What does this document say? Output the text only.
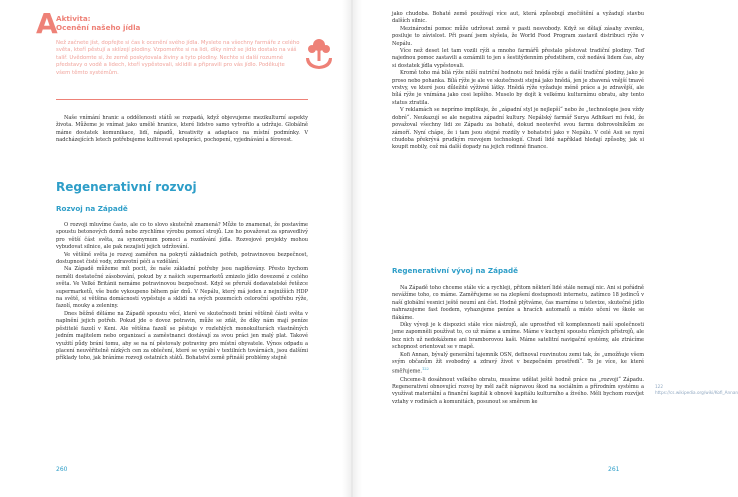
A
Aktivita:
Ocenění našeho jídla
Než začnete jíst, dopřejte si čas k ocenění svého jídla. Myslete na všechny farmáře z celého světa, kteří pěstují a sklízejí plodiny. Vzpomeňte si na lidi, díky nimž se jídlo dostalo na váš talíř. Uvědomte si, že země poskytovala živiny a tyto plodiny. Nechte si další rozumné představy o vodě a lidech, kteří vypěstovali, sklidili a připravili pro vás jídlo. Poděkujte všem těmto systémům.

Naše vnímání hranic a oddělenosti států se rozpadá, když objevujeme mezikulturní aspekty života. Můžeme je vnímat jako umělé hranice, které lidstvo samo vytvořilo a udržuje. Globálně máme dostatek komunikace, lidí, nápadů, kreativity a adaptace na místní podmínky. V nadcházejících letech potřebujeme kultivovat spolupráci, pochopení, vyjednávání a férovost.

Regenerativní rozvoj
Rozvoj na Západě

O rozvoji mluvíme často, ale co to slovo skutečně znamená? Může to znamenat, že postavíme spoustu betonových domů nebo zrychlíme výrobu pomocí strojů. Lze ho považovat za spravedlivý pro větší část světa, za synonymum pomoci a rozdávání jídla. Rozvojové projekty mohou vybudovat silnice, ale pak nezajistí jejich udržování.

Ve většině světa je rozvoj zaměřen na pokrytí základních potřeb, potravinovou bezpečnost, dostupnost čisté vody, zdravotní péči a vzdělání.

Na Západě můžeme mít pocit, že naše základní potřeby jsou naplňovány. Přesto bychom neměli dostatečné zásobování, pokud by z našich supermarketů zmizelo jídlo dovezené z celého světa. Ve Velké Británii nemáme potravinovou bezpečnost. Když se přeruší dodavatelské řetězce supermarketů, vše bude vykoupeno během pár dnů. V Nepálu, který má jeden z nejnižších HDP na světě, si většina domácností vypěstuje a sklidí na svých pozemcích celoroční spotřebu rýže, fazolí, mouky a zeleniny.

Dnes běžně děláme na Západě spoustu věcí, které ve skutečnosti brání většině části světa v naplnění jejich potřeb. Pokud jde o dovoz potravin, může se zdát, že díky nám mají peníze pěstitelé fazolí v Keni. Ale většina fazolí se pěstuje v rozlehlých monokulturách vlastněných jedním majitelem nebo organizací a zaměstnanci dostávají za svou práci jen malý plat. Takové využití půdy brání tomu, aby se na ní pěstovaly potraviny pro místní obyvatele. Výnos odpadu a placení neuvěřitelně nízkých cen za oblečení, které se vyrábí v textilních továrnách, jsou dalšími příklady toho, jak bráníme rozvoji ostatních států. Bohatství země přináší problémy stejně

260

jako chudoba. Bohaté země používají více aut, která způsobují znečištění a vyžadují stavbu dalších silnic.

Mezinárodní pomoc může udržovat země v pasti nesvobody. Když se dělají zásahy zvenku, posiluje to závislost. Při psaní jsem slyšela, že World Food Program zastavil distribuci rýže v Nepálu.

Více než deset let tam vozili rýži a mnoho farmářů přestalo pěstovat tradiční plodiny. Teď najednou pomoc zastavili a oznámili to jen s šestitýdenním předstihem, což nedává lidem čas, aby si dostatek jídla vypěstovali.

Kromě toho má bílá rýže nižší nutriční hodnotu než hnědá rýže a další tradiční plodiny, jako je proso nebo pohanka. Bílá rýže je ale ve skutečnosti stejná jako hnědá, jen je zbavená vnější tmavé vrstvy, ve které jsou důležité výživné látky. Hnědá rýže vyžaduje méně práce a je zdravější, ale bílá rýže je vnímána jako cosi lepšího. Muselo by dojít k velkému kulturnímu obratu, aby tento status ztratila.

V reklamách se neprímo implikuje, že „západní styl je nejlepší“ nebo že „technologie jsou vždy dobré“. Neukazují se ale negativa západní kultury. Nepálský farmář Surya Adhikari mi řekl, že považoval všechny lidi ze Západu za bohaté, dokud neotevřel svou farmu dobrovolníkům ze zámoří. Nyní chápe, že i tam jsou stejné rozdíly v bohatství jako v Nepálu. V celé Asii se nyní chudoba překrývá prudkým rozvojem technologií. Chudí lidé například hledají způsoby, jak si koupit mobily, což má další dopady na jejich rodinné finance.

Regenerativní vývoj na Západě

Na Západě toho chceme stále víc a rychleji, přitom některí lidé stále nemají nic. Ani si pořádně nevážíme toho, co máme. Zaměřujeme se na zlepšení dostupnosti internetu, zatímco 18 jedinců v naší globální vesnici ještě neumí ani číst. Hodně plýtváme, čas marníme u televize, skutečné jídlo nahrazujeme fast foodem, vyhazujeme peníze a hracích automatů a místo učení ve škole se flákáme.

Díky vývoji je k dispozici stále více nástrojů, ale uprostřed víl komplexnosti naší společnosti jsme zapomněli používat to, co už máme a umíme. Máme v kuchyni spoustu různých přístrojů, ale bez nich už nedokážeme ani bramborovou kaši. Máme satelitní navigační systémy, ale ztrácíme schopnost orientovat se v mapě.

Kofi Annan, bývalý generální tajemník OSN, definoval rozvinutou zemi tak, že „umožňuje všem svým občanům žít svobodný a zdravý život v bezpečném prostředí“. To je více, ke které směřujeme.$^{122}$

Chceme-li dosáhnout velkého obratu, musíme udělat ještě hodně práce na „rozvoji“ Západu. Regenerativní obnovující rozvoj by měl začít nápravou škod na sociálním a přírodním systému a využívat materiální a finanční kapitál k obnově kapitálu kulturního a živého. Měli bychom rozvíjet vztahy v rodinách a komunitách, posunout se směrem ke

122 https://cs.wikipedia.org/wiki/Kofi_Annan
261
